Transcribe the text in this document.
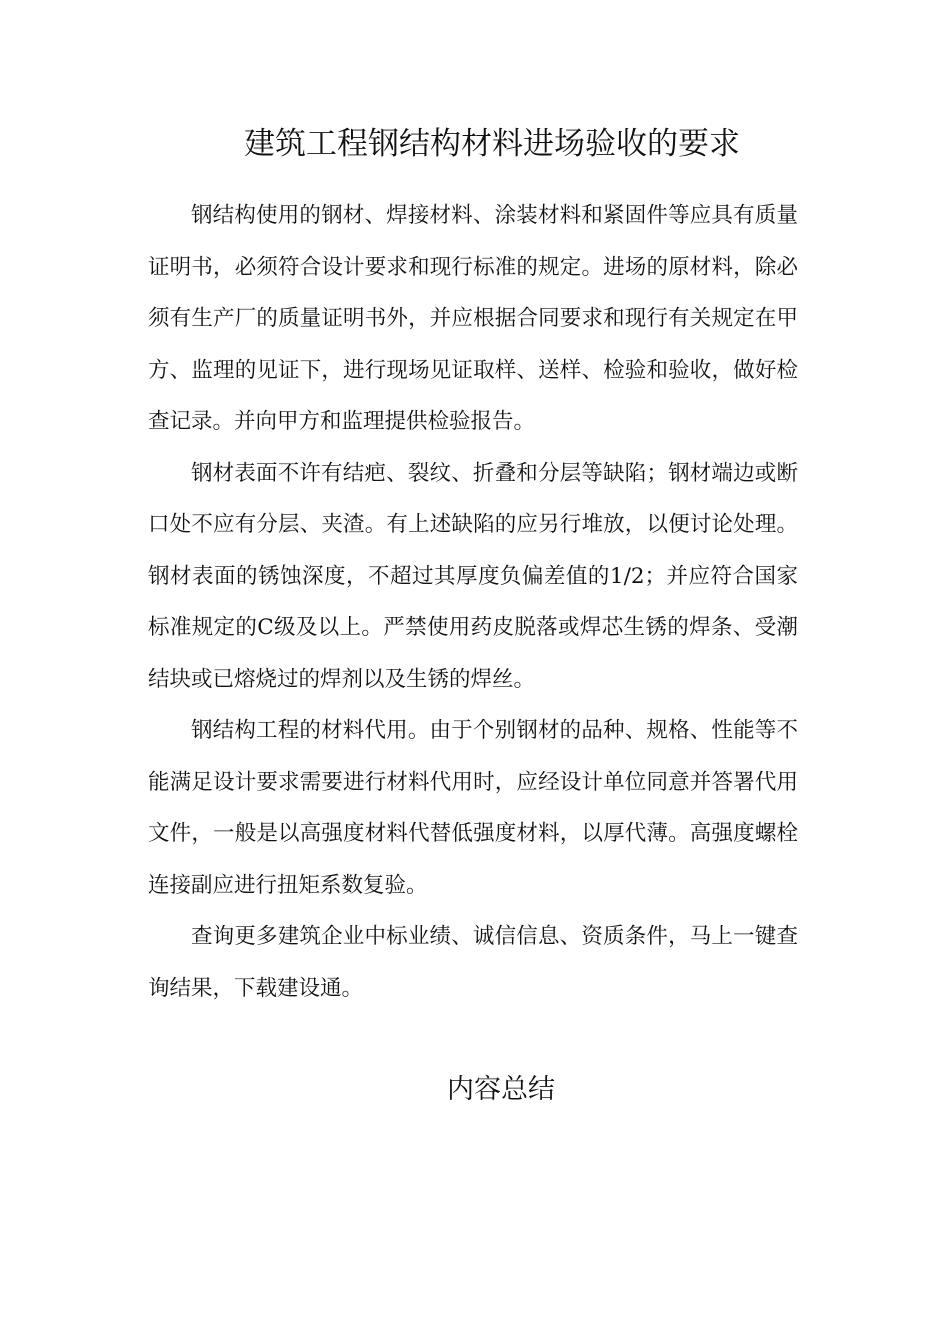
建筑工程钢结构材料进场验收的要求

钢结构使用的钢材、焊接材料、涂装材料和紧固件等应具有质量证明书，必须符合设计要求和现行标准的规定。进场的原材料，除必须有生产厂的质量证明书外，并应根据合同要求和现行有关规定在甲方、监理的见证下，进行现场见证取样、送样、检验和验收，做好检查记录。并向甲方和监理提供检验报告。

钢材表面不许有结疤、裂纹、折叠和分层等缺陷；钢材端边或断口处不应有分层、夹渣。有上述缺陷的应另行堆放，以便讨论处理。钢材表面的锈蚀深度，不超过其厚度负偏差值的1/2；并应符合国家标准规定的C级及以上。严禁使用药皮脱落或焊芯生锈的焊条、受潮结块或已熔烧过的焊剂以及生锈的焊丝。

钢结构工程的材料代用。由于个别钢材的品种、规格、性能等不能满足设计要求需要进行材料代用时，应经设计单位同意并答署代用文件，一般是以高强度材料代替低强度材料，以厚代薄。高强度螺栓连接副应进行扭矩系数复验。

查询更多建筑企业中标业绩、诚信信息、资质条件，马上一键查询结果，下载建设通。

内容总结
